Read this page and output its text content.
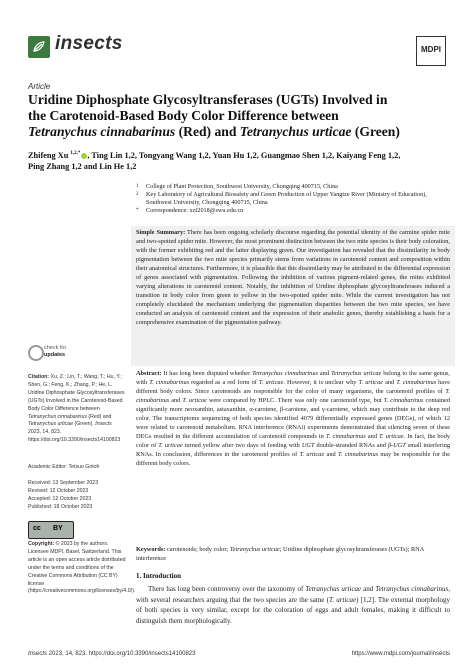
insects	MDPI
Article
Uridine Diphosphate Glycosyltransferases (UGTs) Involved in
the Carotenoid-Based Body Color Difference between
Tetranychus cinnabarinus (Red) and Tetranychus urticae (Green)
Zhifeng Xu $^{1,2,*}$ , Ting Lin 1,2, Tongyang Wang 1,2, Yuan Hu 1,2, Guangmao Shen 1,2, Kaiyang Feng 1,2,
Ping Zhang 1,2 and Lin He 1,2
1	College of Plant Protection, Southwest University, Chongqing 400715, China
2	Key Laboratory of Agricultural Biosafety and Green Production of Upper Yangtze River (Ministry of Education), Southwest University, Chongqing 400715, China
*	Correspondence: xzf2018@swu.edu.cn
Simple Summary: There has been ongoing scholarly discourse regarding the potential identity of the carmine spider mite and two-spotted spider mite. However, the most prominent distinction between the two mite species is their body coloration, with the former exhibiting red and the latter displaying green. Our investigation has revealed that the dissimilarity in body pigmentation between the two mite species primarily stems from variations in carotenoid content and composition within their anatomical structures. Furthermore, it is plausible that this dissimilarity may be attributed to the differential expression of genes associated with pigmentation. Following the inhibition of various pigment-related genes, the mites exhibited varying alterations in carotenoid content. Notably, the inhibition of Uridine diphosphate glycosyltransferases induced a transition in body color from green to yellow in the two-spotted spider mite. While the current investigation has not completely elucidated the mechanism underlying the pigmentation disparities between the two mite species, we have conducted an analysis of carotenoid content and the expression of their anabolic genes, thereby establishing a basis for a comprehensive examination of the pigmentation pathway.
Abstract: It has long been disputed whether Tetranychus cinnabarinus and Tetranychus urticae belong to the same genus, with T. cinnabarinus regarded as a red form of T. urticae. However, it is unclear why T. urticae and T. cinnabarinus have different body colors. Since carotenoids are responsible for the color of many organisms, the carotenoid profiles of T. cinnabarinus and T. urticae were compared by HPLC. There was only one carotenoid type, but T. cinnabarinus contained significantly more neoxanthin, astaxanthin, α-carotene, β-carotene, and γ-carotene, which may contribute to the deep red color. The transcriptome sequencing of both species identified 4079 differentially expressed genes (DEGs), of which 12 were related to carotenoid metabolism. RNA interference (RNAi) experiments demonstrated that silencing seven of these DEGs resulted in the different accumulation of carotenoid compounds in T. cinnabarinus and T. urticae. In fact, the body color of T. urticae turned yellow after two days of feeding with UGT double-stranded RNAs and β-UGT small interfering RNAs. In conclusion, differences in the carotenoid profiles of T. urticae and T. cinnabarinus may be responsible for the different body colors.
Keywords: carotenoids; body color; Tetranychus urticae; Uridine diphosphate glycosyltransferases (UGTs); RNA interference
1. Introduction
There has long been controversy over the taxonomy of Tetranychus urticae and Tetranychus cinnabarinus, with several researchers arguing that the two species are the same (T. urticae) [1,2]. The external morphology of both species is very similar, except for the coloration of eggs and adult females, making it difficult to distinguish them morphologically.
check for
updates
Citation: Xu, Z.; Lin, T.; Wang, T.; Hu, Y.; Shen, G.; Feng, K.; Zhang, P.; He, L. Uridine Diphosphate Glycosyltransferases (UGTs) Involved in the Carotenoid-Based Body Color Difference between Tetranychus cinnabarinus (Red) and Tetranychus urticae (Green). Insects 2023, 14, 823. https://doi.org/10.3390/insects14100823
Academic Editor: Tetsuo Gotoh
Received: 13 September 2023
Revised: 12 October 2023
Accepted: 12 October 2023
Published: 18 October 2023
cc BY
Copyright: © 2023 by the authors. Licensee MDPI, Basel, Switzerland. This article is an open access article distributed under the terms and conditions of the Creative Commons Attribution (CC BY) license (https://creativecommons.org/licenses/by/4.0/).
Insects 2023, 14, 823. https://doi.org/10.3390/insects14100823	https://www.mdpi.com/journal/insects
